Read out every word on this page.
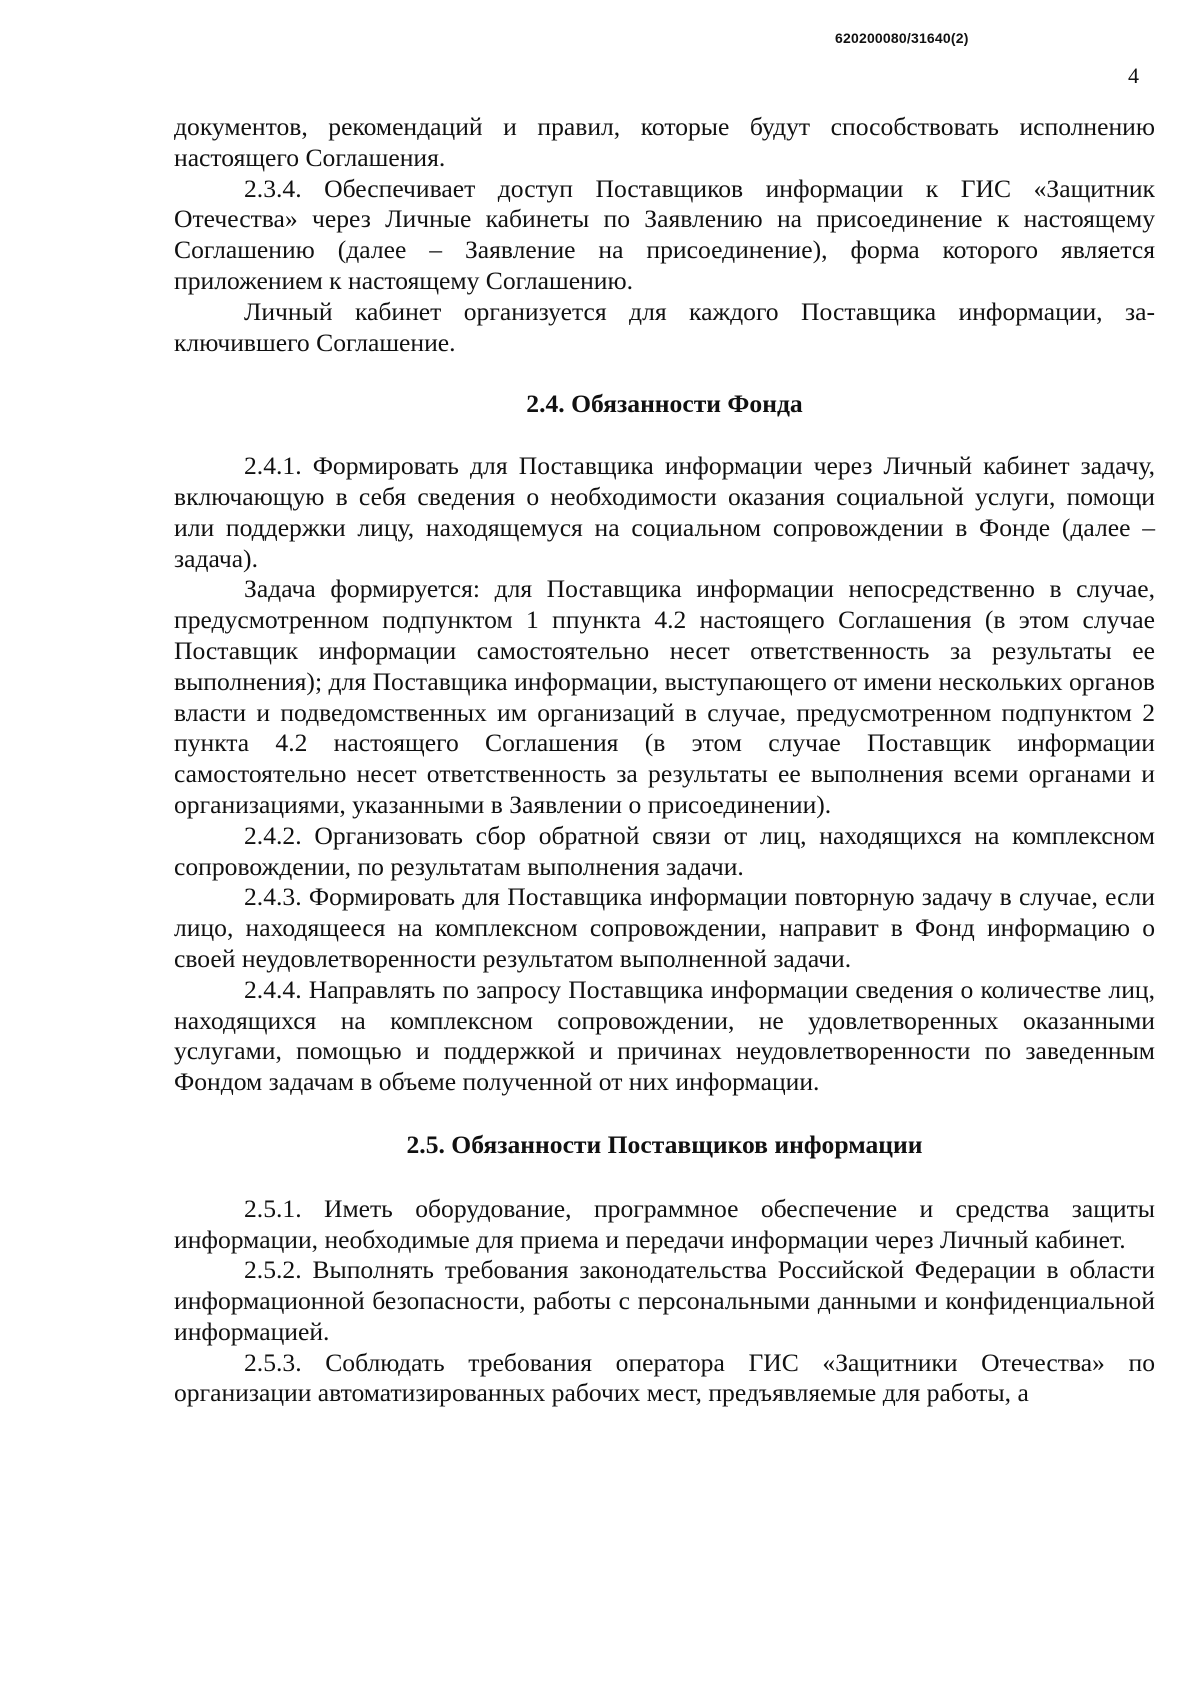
620200080/31640(2)
4

документов, рекомендаций и правил, которые будут способствовать исполнению настоящего Соглашения.

2.3.4. Обеспечивает доступ Поставщиков информации к ГИС «Защитник Отечества» через Личные кабинеты по Заявлению на присоединение к настоящему Соглашению (далее – Заявление на присоединение), форма которого является приложением к настоящему Соглашению.

Личный кабинет организуется для каждого Поставщика информации, заключившего Соглашение.

2.4. Обязанности Фонда

2.4.1. Формировать для Поставщика информации через Личный кабинет задачу, включающую в себя сведения о необходимости оказания социальной услуги, помощи или поддержки лицу, находящемуся на социальном сопровождении в Фонде (далее – задача).

Задача формируется: для Поставщика информации непосредственно в случае, предусмотренном подпунктом 1 ппункта 4.2 настоящего Соглашения (в этом случае Поставщик информации самостоятельно несет ответственность за результаты ее выполнения); для Поставщика информации, выступающего от имени нескольких органов власти и подведомственных им организаций в случае, предусмотренном подпунктом 2 пункта 4.2 настоящего Соглашения (в этом случае Поставщик информации самостоятельно несет ответственность за результаты ее выполнения всеми органами и организациями, указанными в Заявлении о присоединении).

2.4.2. Организовать сбор обратной связи от лиц, находящихся на комплексном сопровождении, по результатам выполнения задачи.

2.4.3. Формировать для Поставщика информации повторную задачу в случае, если лицо, находящееся на комплексном сопровождении, направит в Фонд информацию о своей неудовлетворенности результатом выполненной задачи.

2.4.4. Направлять по запросу Поставщика информации сведения о количестве лиц, находящихся на комплексном сопровождении, не удовлетворенных оказанными услугами, помощью и поддержкой и причинах неудовлетворенности по заведенным Фондом задачам в объеме полученной от них информации.

2.5. Обязанности Поставщиков информации

2.5.1. Иметь оборудование, программное обеспечение и средства защиты информации, необходимые для приема и передачи информации через Личный кабинет.

2.5.2. Выполнять требования законодательства Российской Федерации в области информационной безопасности, работы с персональными данными и конфиденциальной информацией.

2.5.3. Соблюдать требования оператора ГИС «Защитники Отечества» по организации автоматизированных рабочих мест, предъявляемые для работы, а
